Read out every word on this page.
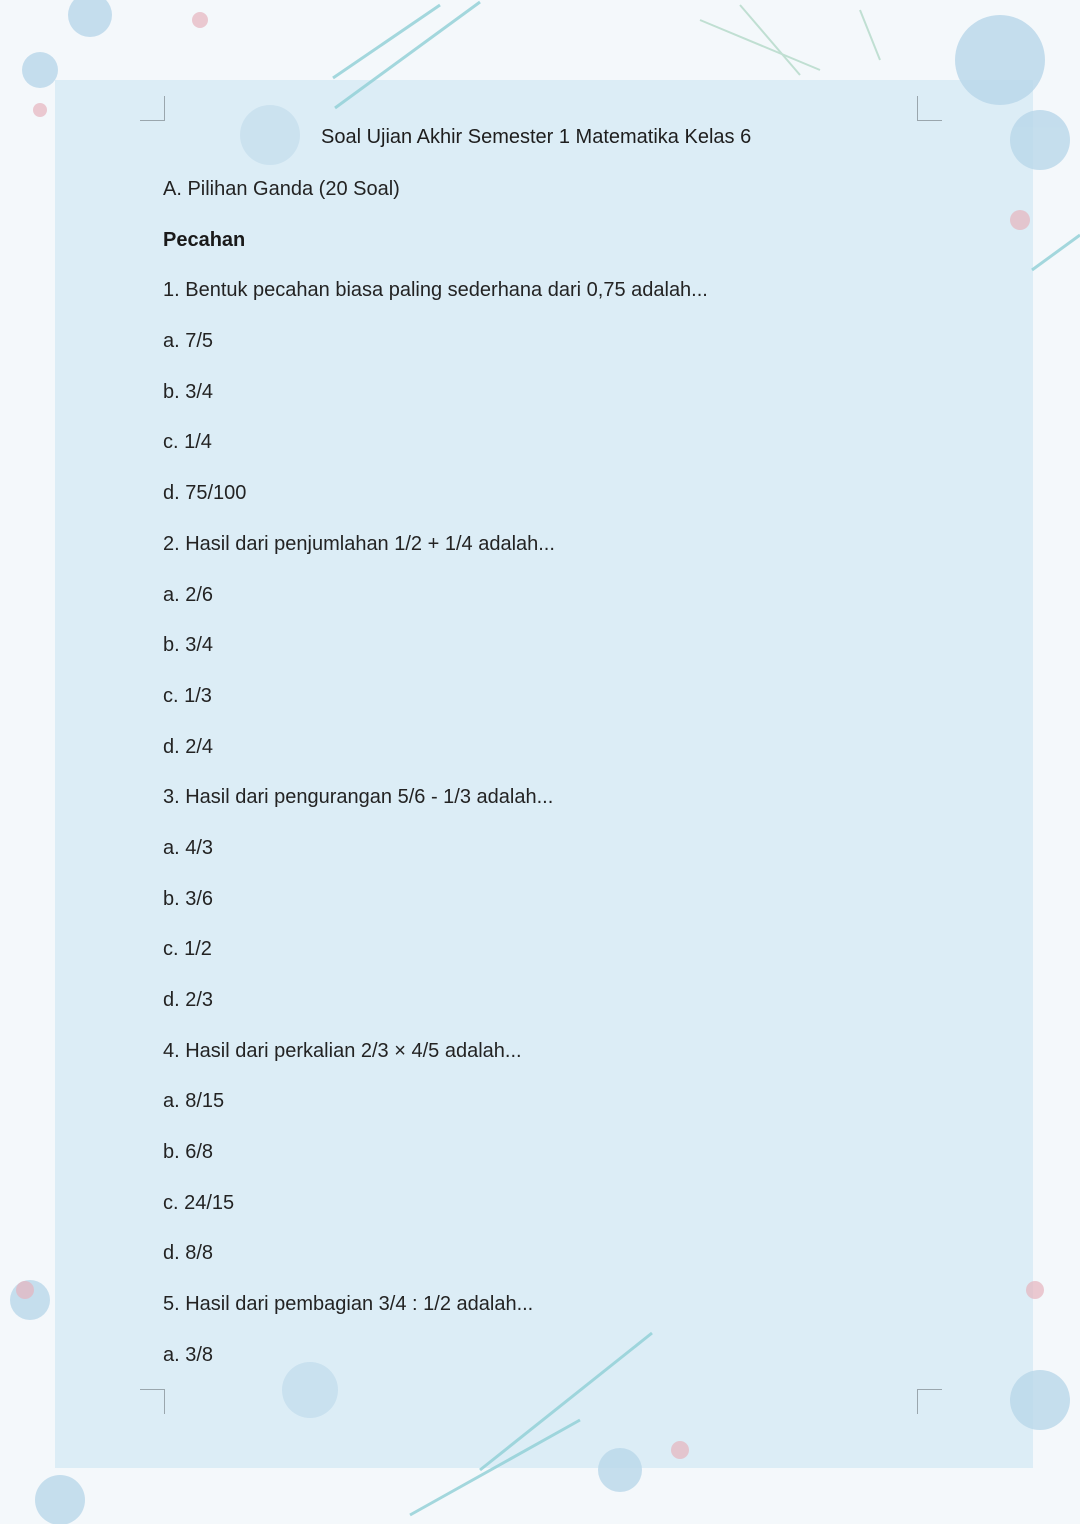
Soal Ujian Akhir Semester 1 Matematika Kelas 6
A. Pilihan Ganda (20 Soal)
Pecahan
1. Bentuk pecahan biasa paling sederhana dari 0,75 adalah...
a. 7/5
b. 3/4
c. 1/4
d. 75/100
2. Hasil dari penjumlahan 1/2 + 1/4 adalah...
a. 2/6
b. 3/4
c. 1/3
d. 2/4
3. Hasil dari pengurangan 5/6 - 1/3 adalah...
a. 4/3
b. 3/6
c. 1/2
d. 2/3
4. Hasil dari perkalian 2/3 × 4/5 adalah...
a. 8/15
b. 6/8
c. 24/15
d. 8/8
5. Hasil dari pembagian 3/4 : 1/2 adalah...
a. 3/8
